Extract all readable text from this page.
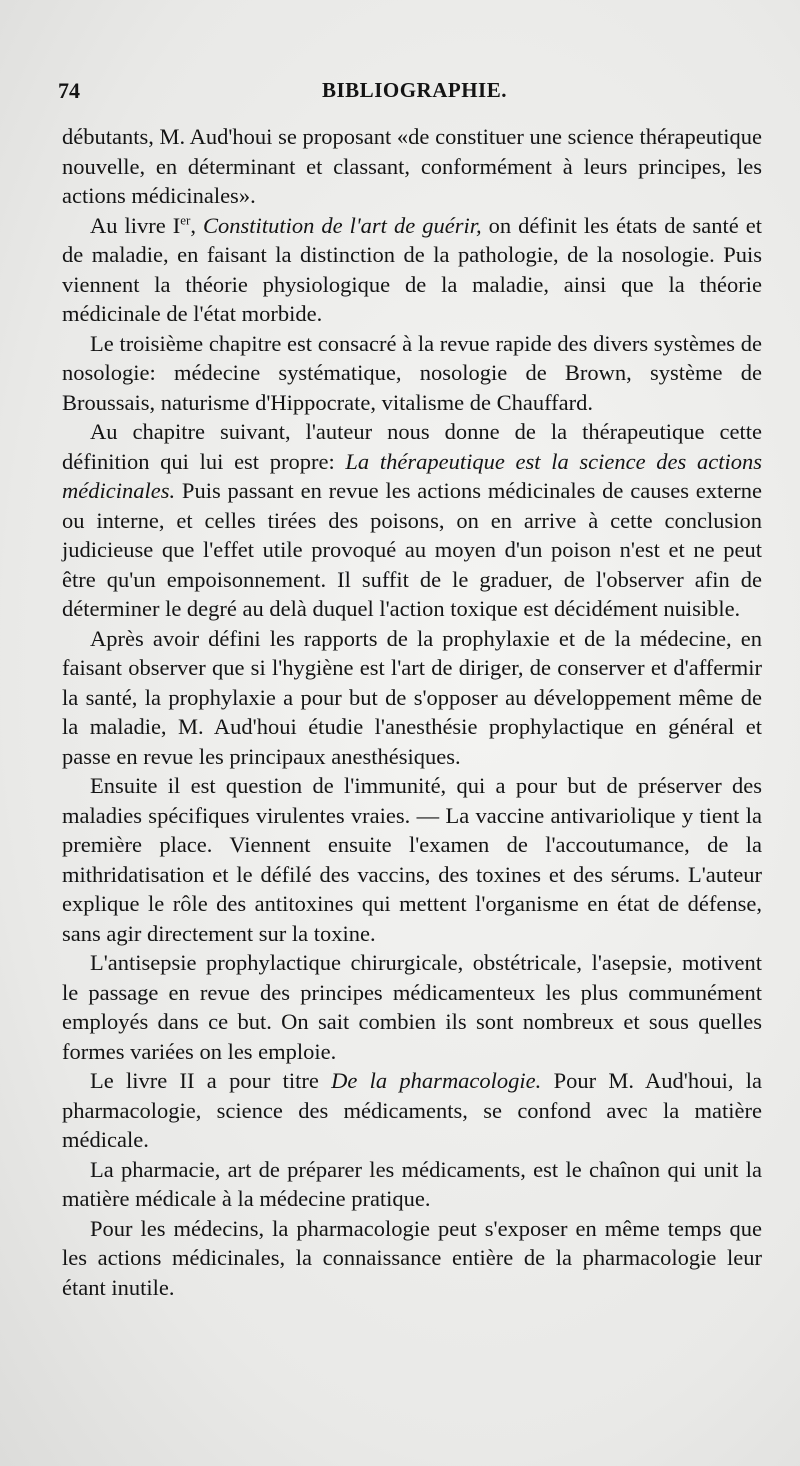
74	BIBLIOGRAPHIE.

débutants, M. Aud'houi se proposant «de constituer une science thérapeutique nouvelle, en déterminant et classant, conformément à leurs principes, les actions médicinales».

Au livre Ier, Constitution de l'art de guérir, on définit les états de santé et de maladie, en faisant la distinction de la pathologie, de la nosologie. Puis viennent la théorie physiologique de la maladie, ainsi que la théorie médicinale de l'état morbide.

Le troisième chapitre est consacré à la revue rapide des divers systèmes de nosologie: médecine systématique, nosologie de Brown, système de Broussais, naturisme d'Hippocrate, vitalisme de Chauffard.

Au chapitre suivant, l'auteur nous donne de la thérapeutique cette définition qui lui est propre: La thérapeutique est la science des actions médicinales. Puis passant en revue les actions médicinales de causes externe ou interne, et celles tirées des poisons, on en arrive à cette conclusion judicieuse que l'effet utile provoqué au moyen d'un poison n'est et ne peut être qu'un empoisonnement. Il suffit de le graduer, de l'observer afin de déterminer le degré au delà duquel l'action toxique est décidément nuisible.

Après avoir défini les rapports de la prophylaxie et de la médecine, en faisant observer que si l'hygiène est l'art de diriger, de conserver et d'affermir la santé, la prophylaxie a pour but de s'opposer au développement même de la maladie, M. Aud'houi étudie l'anesthésie prophylactique en général et passe en revue les principaux anesthésiques.

Ensuite il est question de l'immunité, qui a pour but de préserver des maladies spécifiques virulentes vraies. — La vaccine antivariolique y tient la première place. Viennent ensuite l'examen de l'accoutumance, de la mithridatisation et le défilé des vaccins, des toxines et des sérums. L'auteur explique le rôle des antitoxines qui mettent l'organisme en état de défense, sans agir directement sur la toxine.

L'antisepsie prophylactique chirurgicale, obstétricale, l'asepsie, motivent le passage en revue des principes médicamenteux les plus communément employés dans ce but. On sait combien ils sont nombreux et sous quelles formes variées on les emploie.

Le livre II a pour titre De la pharmacologie. Pour M. Aud'houi, la pharmacologie, science des médicaments, se confond avec la matière médicale.

La pharmacie, art de préparer les médicaments, est le chaînon qui unit la matière médicale à la médecine pratique.

Pour les médecins, la pharmacologie peut s'exposer en même temps que les actions médicinales, la connaissance entière de la pharmacologie leur étant inutile.
